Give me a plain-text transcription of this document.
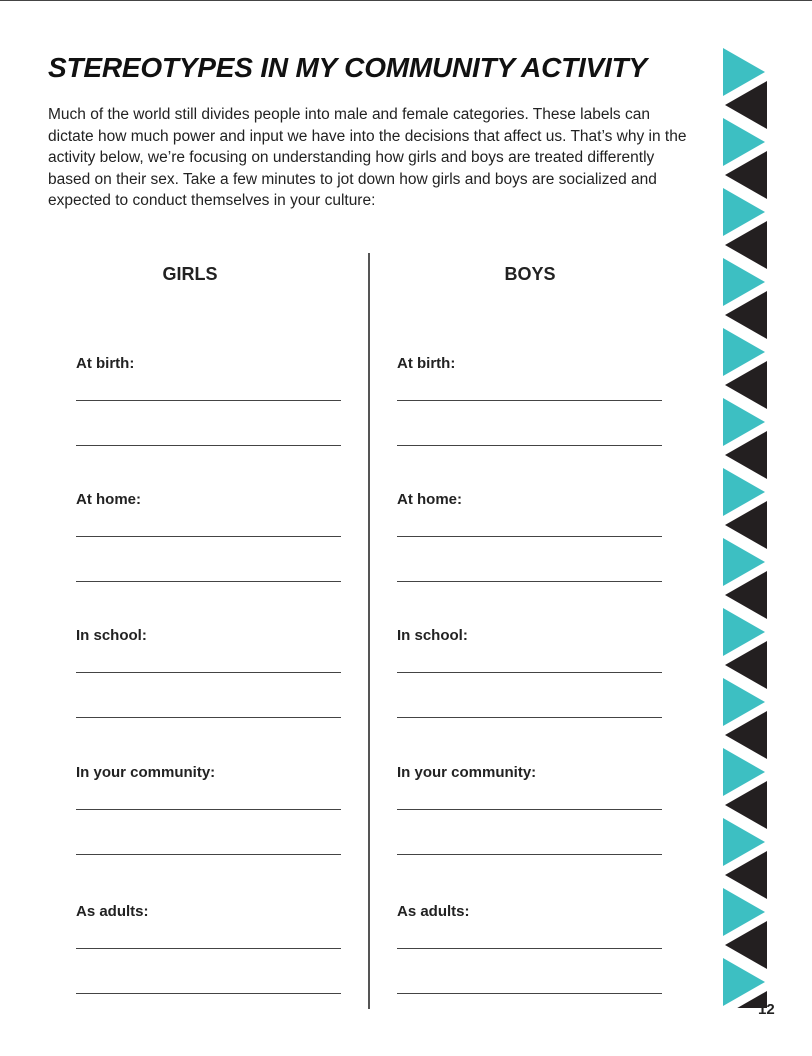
STEREOTYPES IN MY COMMUNITY ACTIVITY

Much of the world still divides people into male and female categories. These labels can dictate how much power and input we have into the decisions that affect us. That’s why in the activity below, we’re focusing on understanding how girls and boys are treated differently based on their sex. Take a few minutes to jot down how girls and boys are socialized and expected to conduct themselves in your culture:

GIRLS	BOYS
At birth:	At birth:
At home:	At home:
In school:	In school:
In your community:	In your community:
As adults:	As adults:
12
